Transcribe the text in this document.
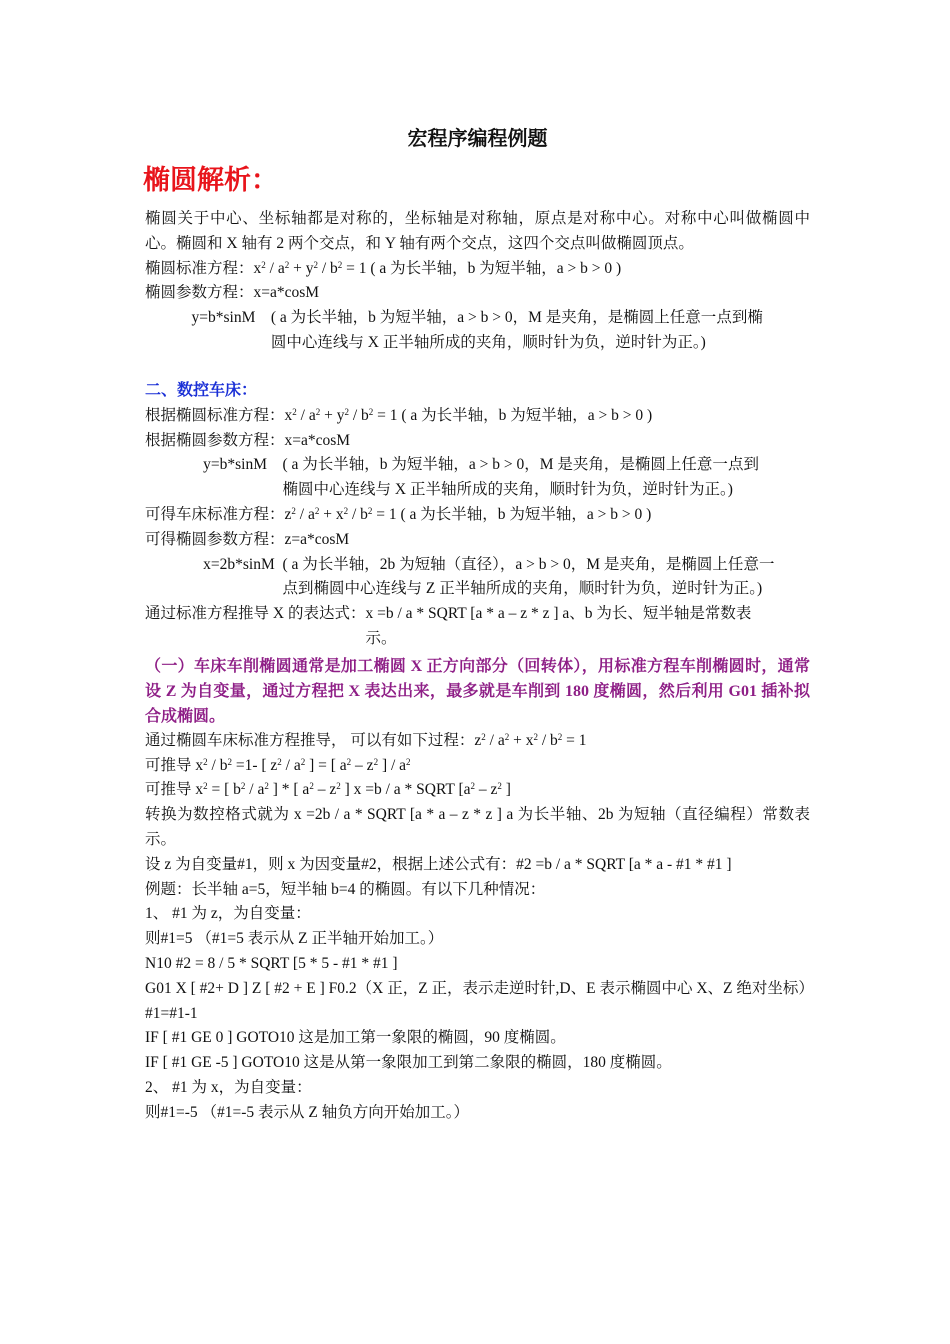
宏程序编程例题

椭圆解析：

椭圆关于中心、坐标轴都是对称的，坐标轴是对称轴，原点是对称中心。对称中心叫做椭圆中心。椭圆和 X 轴有 2 两个交点，和 Y 轴有两个交点，这四个交点叫做椭圆顶点。

椭圆标准方程：$x^2 / a^2 + y^2 / b^2 = 1$ ( a 为长半轴，b 为短半轴，a > b > 0 )

椭圆参数方程：x=a*cosM

y=b*sinM ( a 为长半轴，b 为短半轴，a > b > 0，M 是夹角，是椭圆上任意一点到椭
圆中心连线与 X 正半轴所成的夹角，顺时针为负，逆时针为正。)

二、数控车床：

根据椭圆标准方程：$x^2 / a^2 + y^2 / b^2 = 1$ ( a 为长半轴，b 为短半轴，a > b > 0 )

根据椭圆参数方程：x=a*cosM

y=b*sinM ( a 为长半轴，b 为短半轴，a > b > 0，M 是夹角，是椭圆上任意一点到
椭圆中心连线与 X 正半轴所成的夹角，顺时针为负，逆时针为正。)

可得车床标准方程：$z^2 / a^2 + x^2 / b^2 = 1$ ( a 为长半轴，b 为短半轴，a > b > 0 )

可得椭圆参数方程：z=a*cosM

x=2b*sinM ( a 为长半轴，2b 为短轴（直径），a > b > 0，M 是夹角，是椭圆上任意一
点到椭圆中心连线与 Z 正半轴所成的夹角，顺时针为负，逆时针为正。)
通过标准方程推导 X 的表达式： x =b / a * SQRT [a * a – z * z ] a、b 为长、短半轴是常数表
示。

（一）车床车削椭圆通常是加工椭圆 X 正方向部分（回转体），用标准方程车削椭圆时，通常设 Z 为自变量，通过方程把 X 表达出来，最多就是车削到 180 度椭圆，然后利用 G01 插补拟合成椭圆。

通过椭圆车床标准方程推导， 可以有如下过程：$z^2 / a^2 + x^2 / b^2 = 1$

可推导 $x^2 / b^2 =1-$ [ $z^2 / a^2$ ] = [ $a^2 - z^2$ ] / $a^2$

可推导 $x^2$ = [ $b^2 / a^2$ ] * [ $a^2 - z^2$ ] x =b / a * SQRT [$a^2 - z^2$ ]

转换为数控格式就为 x =2b / a * SQRT [a * a – z * z ] a 为长半轴、2b 为短轴（直径编程）常数表示。

设 z 为自变量#1，则 x 为因变量#2，根据上述公式有：#2 =b / a * SQRT [a * a - #1 * #1 ]

例题：长半轴 a=5，短半轴 b=4 的椭圆。有以下几种情况：

1、 #1 为 z，为自变量：

则#1=5 （#1=5 表示从 Z 正半轴开始加工。）

N10 #2 = 8 / 5 * SQRT [5 * 5 - #1 * #1 ]

G01 X [ #2+ D ] Z [ #2 + E ] F0.2（X 正，Z 正，表示走逆时针,D、E 表示椭圆中心 X、Z 绝对坐标）

#1=#1-1

IF [ #1 GE 0 ] GOTO10 这是加工第一象限的椭圆，90 度椭圆。

IF [ #1 GE -5 ] GOTO10 这是从第一象限加工到第二象限的椭圆，180 度椭圆。

2、 #1 为 x，为自变量：

则#1=-5 （#1=-5 表示从 Z 轴负方向开始加工。）
